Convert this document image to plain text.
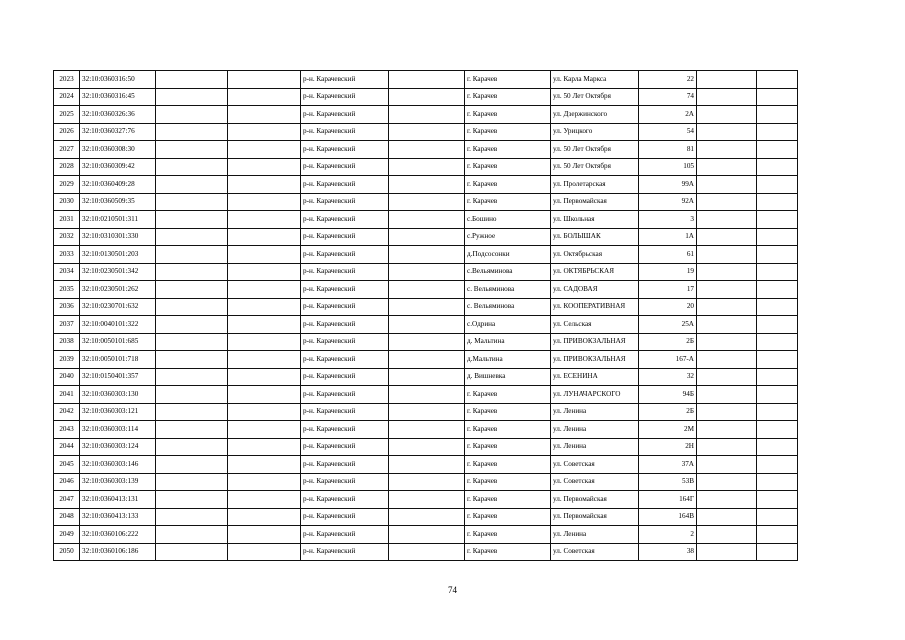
2023	32:10:0360316:50			р-н. Карачевский		г. Карачев	ул. Карла Маркса	22		
2024	32:10:0360316:45			р-н. Карачевский		г. Карачев	ул. 50 Лет Октября	74		
2025	32:10:0360326:36			р-н. Карачевский		г. Карачев	ул. Дзержинского	2А		
2026	32:10:0360327:76			р-н. Карачевский		г. Карачев	ул. Урицкого	54		
2027	32:10:0360308:30			р-н. Карачевский		г. Карачев	ул. 50 Лет Октября	81		
2028	32:10:0360309:42			р-н. Карачевский		г. Карачев	ул. 50 Лет Октября	105		
2029	32:10:0360409:28			р-н. Карачевский		г. Карачев	ул. Пролетарская	99А		
2030	32:10:0360509:35			р-н. Карачевский		г. Карачев	ул. Первомайская	92А		
2031	32:10:0210501:311			р-н. Карачевский		с.Бошино	ул. Школьная	3		
2032	32:10:0310301:330			р-н. Карачевский		с.Ружное	ул. БОЛЫШАК	1А		
2033	32:10:0130501:203			р-н. Карачевский		д.Подсосонки	ул. Октябрьская	61		
2034	32:10:0230501:342			р-н. Карачевский		с.Вельяминова	ул. ОКТЯБРЬСКАЯ	19		
2035	32:10:0230501:262			р-н. Карачевский		с. Вельяминова	ул. САДОВАЯ	17		
2036	32:10:0230701:632			р-н. Карачевский		с. Вельяминова	ул. КООПЕРАТИВНАЯ	20		
2037	32:10:0040101:322			р-н. Карачевский		с.Одрина	ул. Сельская	25А		
2038	32:10:0050101:685			р-н. Карачевский		д. Мальтина	ул. ПРИВОКЗАЛЬНАЯ	2Б		
2039	32:10:0050101:718			р-н. Карачевский		д.Мальтина	ул. ПРИВОКЗАЛЬНАЯ	167-А		
2040	32:10:0150401:357			р-н. Карачевский		д. Вишневка	ул. ЕСЕНИНА	32		
2041	32:10:0360303:130			р-н. Карачевский		г. Карачев	ул. ЛУНАЧАРСКОГО	94Б		
2042	32:10:0360303:121			р-н. Карачевский		г. Карачев	ул. Ленина	2Б		
2043	32:10:0360303:114			р-н. Карачевский		г. Карачев	ул. Ленина	2М		
2044	32:10:0360303:124			р-н. Карачевский		г. Карачев	ул. Ленина	2Н		
2045	32:10:0360303:146			р-н. Карачевский		г. Карачев	ул. Советская	37А		
2046	32:10:0360303:139			р-н. Карачевский		г. Карачев	ул. Советская	53В		
2047	32:10:0360413:131			р-н. Карачевский		г. Карачев	ул. Первомайская	164Г		
2048	32:10:0360413:133			р-н. Карачевский		г. Карачев	ул. Первомайская	164В		
2049	32:10:0360106:222			р-н. Карачевский		г. Карачев	ул. Ленина	2		
2050	32:10:0360106:186			р-н. Карачевский		г. Карачев	ул. Советская	38		
74
